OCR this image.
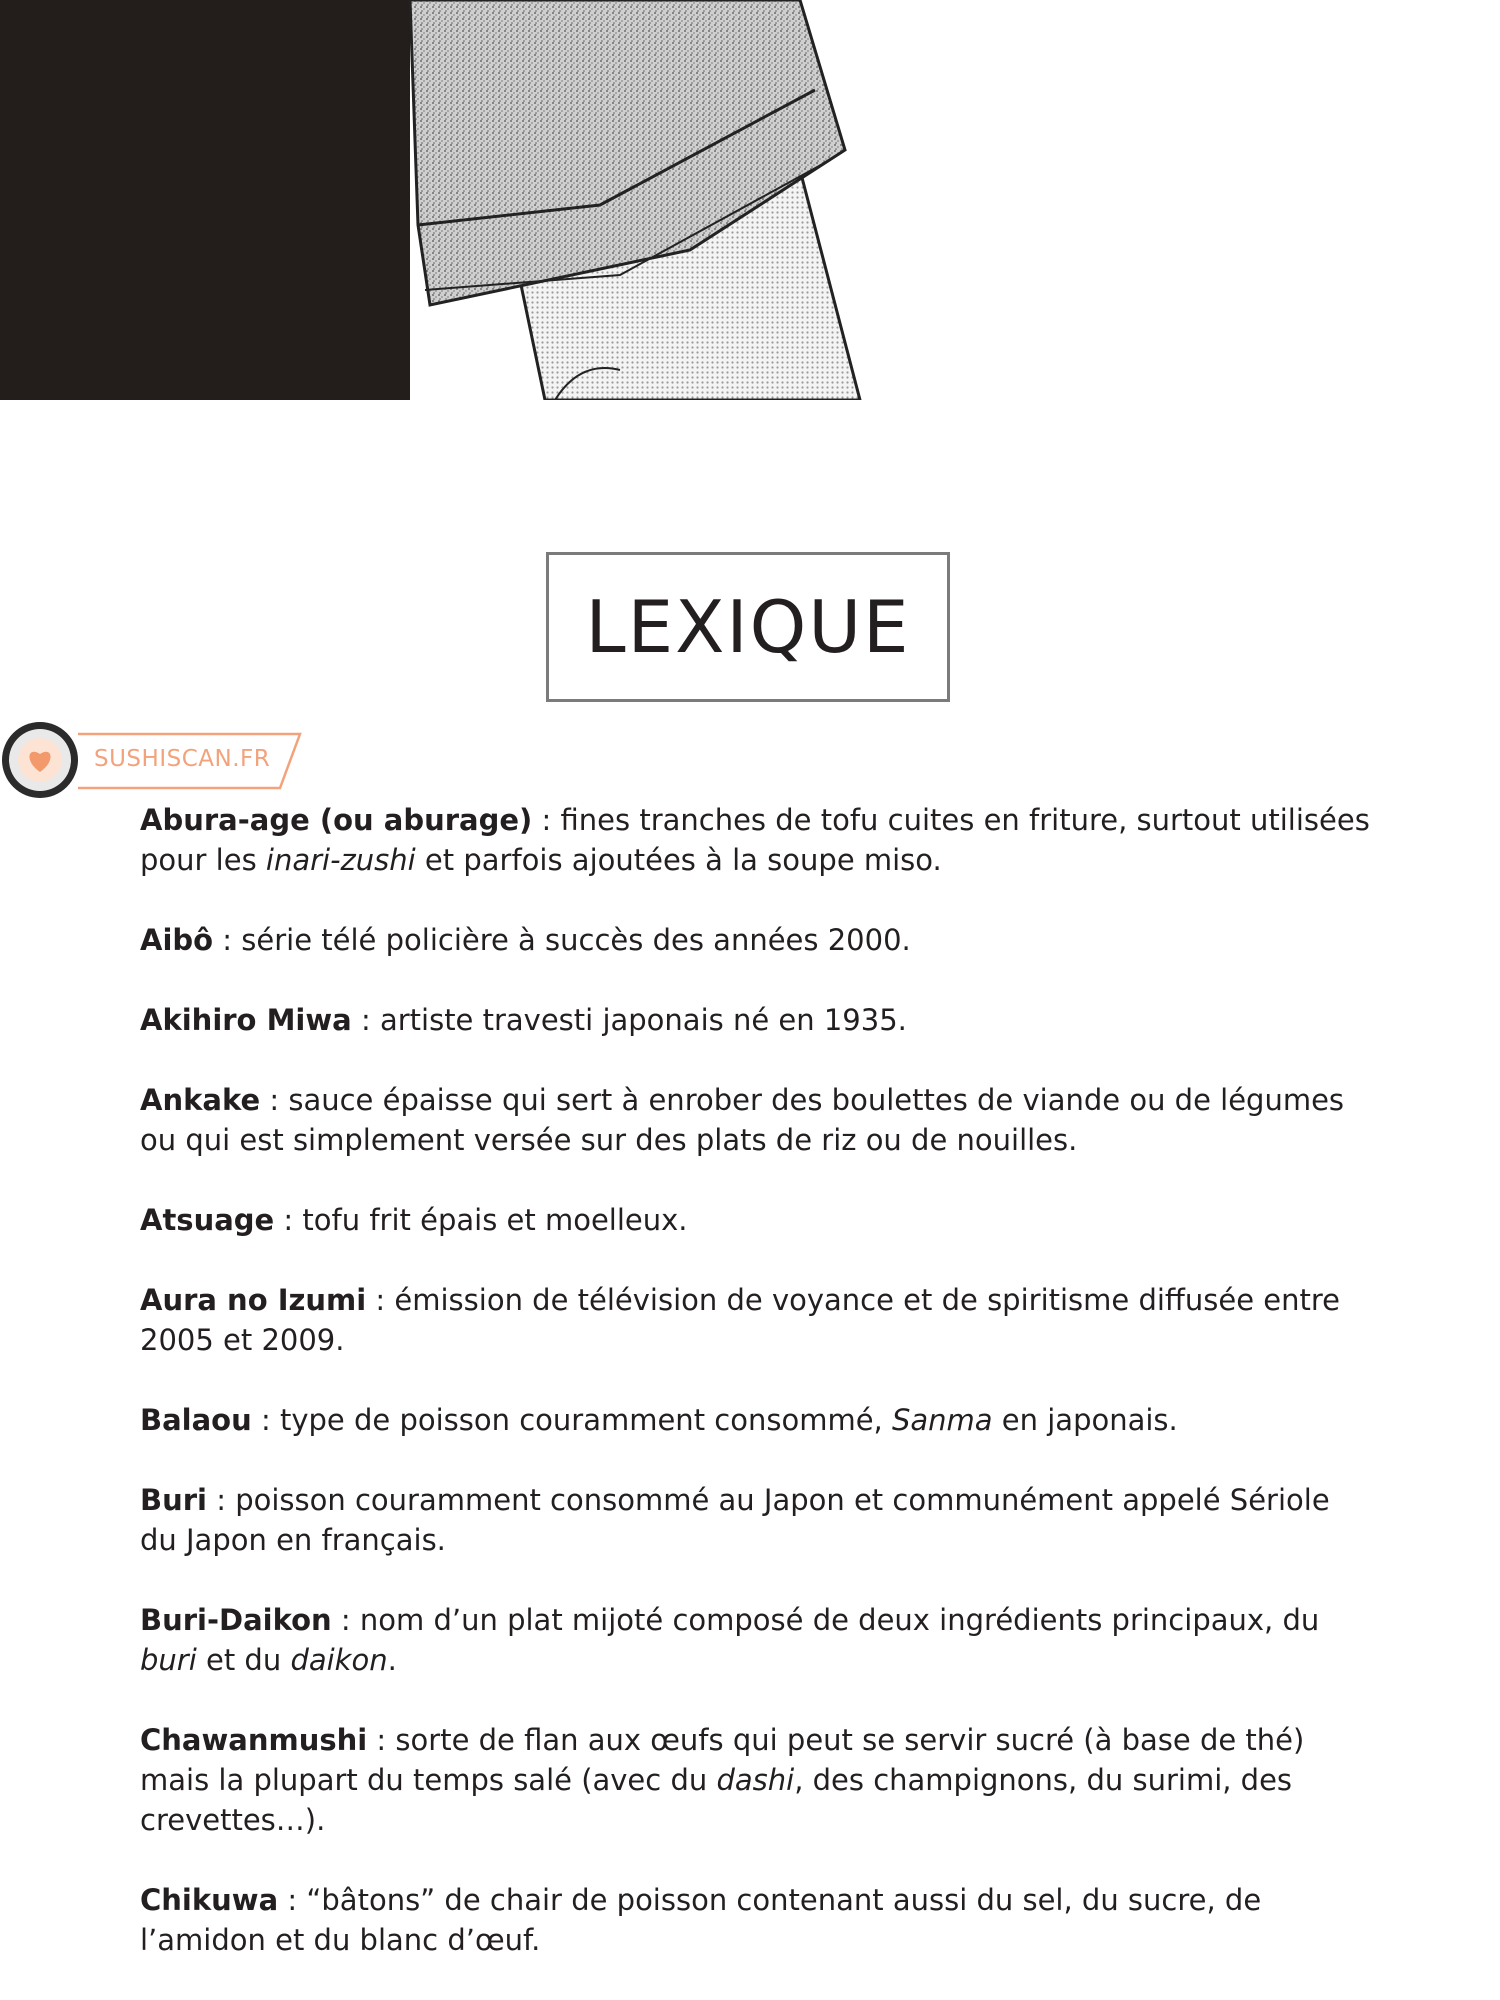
LEXIQUE
SUSHISCAN.FR

Abura-age (ou aburage) : fines tranches de tofu cuites en friture, surtout utilisées pour les inari-zushi et parfois ajoutées à la soupe miso.

Aibô : série télé policière à succès des années 2000.

Akihiro Miwa : artiste travesti japonais né en 1935.

Ankake : sauce épaisse qui sert à enrober des boulettes de viande ou de légumes ou qui est simplement versée sur des plats de riz ou de nouilles.

Atsuage : tofu frit épais et moelleux.

Aura no Izumi : émission de télévision de voyance et de spiritisme diffusée entre 2005 et 2009.

Balaou : type de poisson couramment consommé, Sanma en japonais.

Buri : poisson couramment consommé au Japon et communément appelé Sériole du Japon en français.

Buri-Daikon : nom d’un plat mijoté composé de deux ingrédients principaux, du buri et du daikon.

Chawanmushi : sorte de flan aux œufs qui peut se servir sucré (à base de thé) mais la plupart du temps salé (avec du dashi, des champignons, du surimi, des crevettes…).

Chikuwa : “bâtons” de chair de poisson contenant aussi du sel, du sucre, de l’amidon et du blanc d’œuf.
